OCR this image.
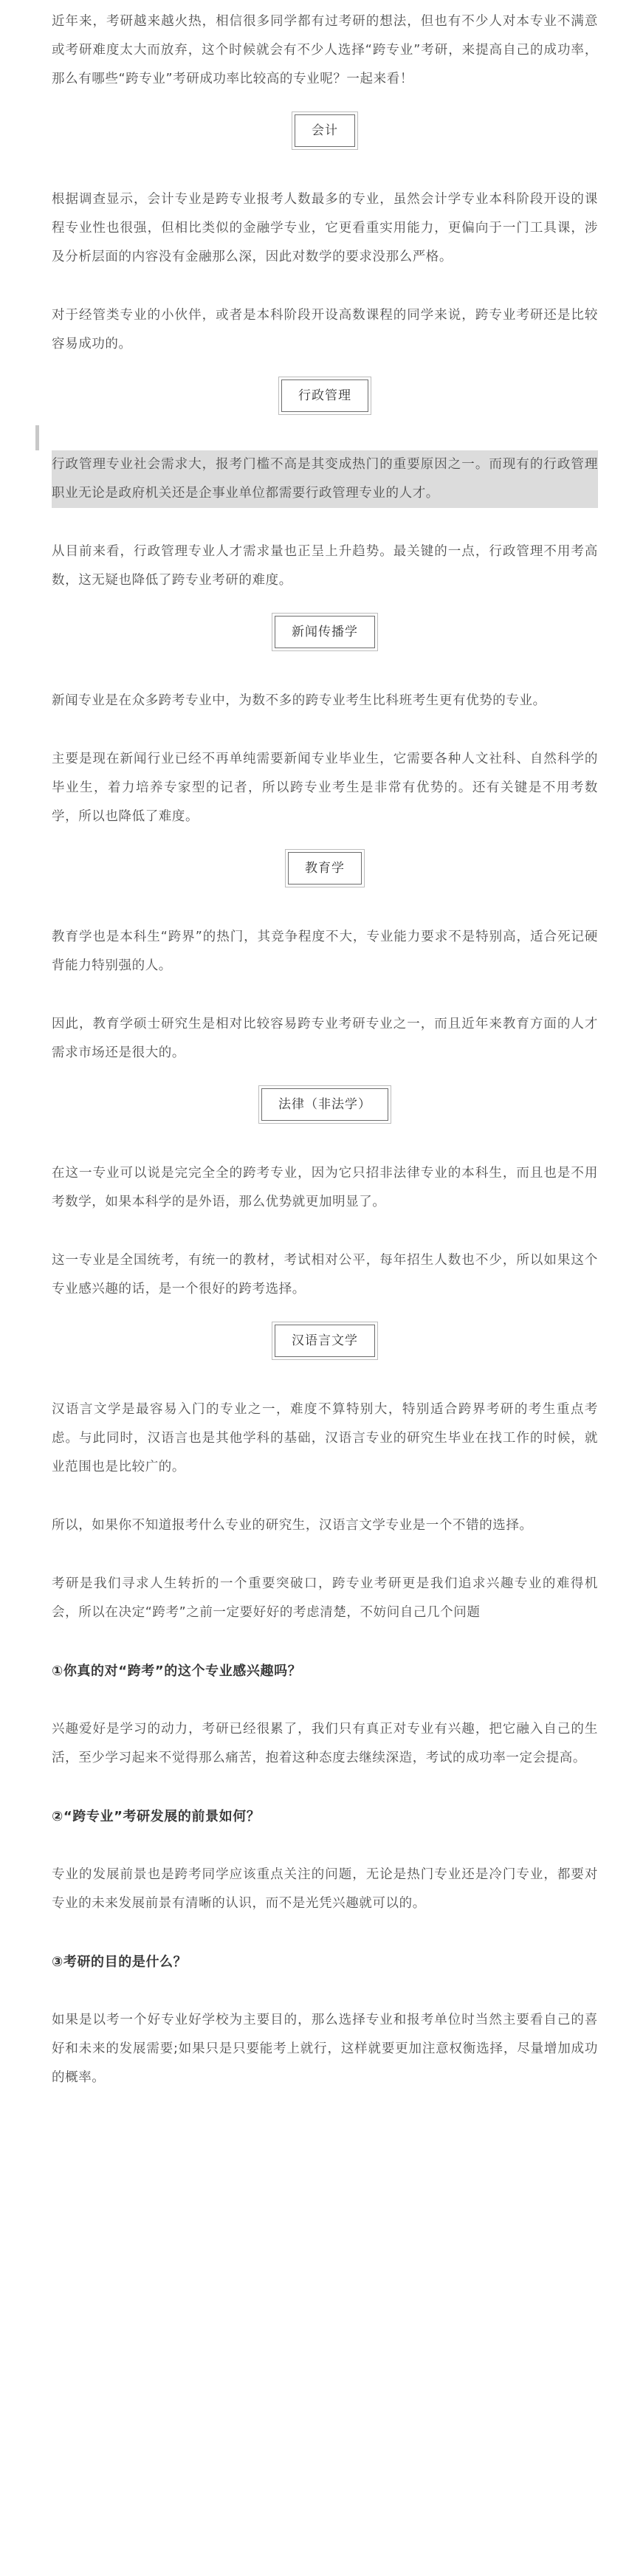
近年来，考研越来越火热，相信很多同学都有过考研的想法，但也有不少人对本专业不满意或考研难度太大而放弃，这个时候就会有不少人选择“跨专业”考研，来提高自己的成功率，那么有哪些“跨专业”考研成功率比较高的专业呢？一起来看！

会计

根据调查显示，会计专业是跨专业报考人数最多的专业，虽然会计学专业本科阶段开设的课程专业性也很强，但相比类似的金融学专业，它更看重实用能力，更偏向于一门工具课，涉及分析层面的内容没有金融那么深，因此对数学的要求没那么严格。

对于经管类专业的小伙伴，或者是本科阶段开设高数课程的同学来说，跨专业考研还是比较容易成功的。

行政管理

行政管理专业社会需求大，报考门槛不高是其变成热门的重要原因之一。而现有的行政管理职业无论是政府机关还是企事业单位都需要行政管理专业的人才。

从目前来看，行政管理专业人才需求量也正呈上升趋势。最关键的一点，行政管理不用考高数，这无疑也降低了跨专业考研的难度。

新闻传播学

新闻专业是在众多跨考专业中，为数不多的跨专业考生比科班考生更有优势的专业。

主要是现在新闻行业已经不再单纯需要新闻专业毕业生，它需要各种人文社科、自然科学的毕业生，着力培养专家型的记者，所以跨专业考生是非常有优势的。还有关键是不用考数学，所以也降低了难度。

教育学

教育学也是本科生“跨界”的热门，其竞争程度不大，专业能力要求不是特别高，适合死记硬背能力特别强的人。

因此，教育学硕士研究生是相对比较容易跨专业考研专业之一，而且近年来教育方面的人才需求市场还是很大的。

法律（非法学）

在这一专业可以说是完完全全的跨考专业，因为它只招非法律专业的本科生，而且也是不用考数学，如果本科学的是外语，那么优势就更加明显了。

这一专业是全国统考，有统一的教材，考试相对公平，每年招生人数也不少，所以如果这个专业感兴趣的话，是一个很好的跨考选择。

汉语言文学

汉语言文学是最容易入门的专业之一，难度不算特别大，特别适合跨界考研的考生重点考虑。与此同时，汉语言也是其他学科的基础，汉语言专业的研究生毕业在找工作的时候，就业范围也是比较广的。

所以，如果你不知道报考什么专业的研究生，汉语言文学专业是一个不错的选择。

考研是我们寻求人生转折的一个重要突破口，跨专业考研更是我们追求兴趣专业的难得机会，所以在决定“跨考”之前一定要好好的考虑清楚，不妨问自己几个问题

①你真的对“跨考”的这个专业感兴趣吗？

兴趣爱好是学习的动力，考研已经很累了，我们只有真正对专业有兴趣，把它融入自己的生活，至少学习起来不觉得那么痛苦，抱着这种态度去继续深造，考试的成功率一定会提高。

②“跨专业”考研发展的前景如何？

专业的发展前景也是跨考同学应该重点关注的问题，无论是热门专业还是冷门专业，都要对专业的未来发展前景有清晰的认识，而不是光凭兴趣就可以的。

③考研的目的是什么？

如果是以考一个好专业好学校为主要目的，那么选择专业和报考单位时当然主要看自己的喜好和未来的发展需要;如果只是只要能考上就行，这样就要更加注意权衡选择，尽量增加成功的概率。
